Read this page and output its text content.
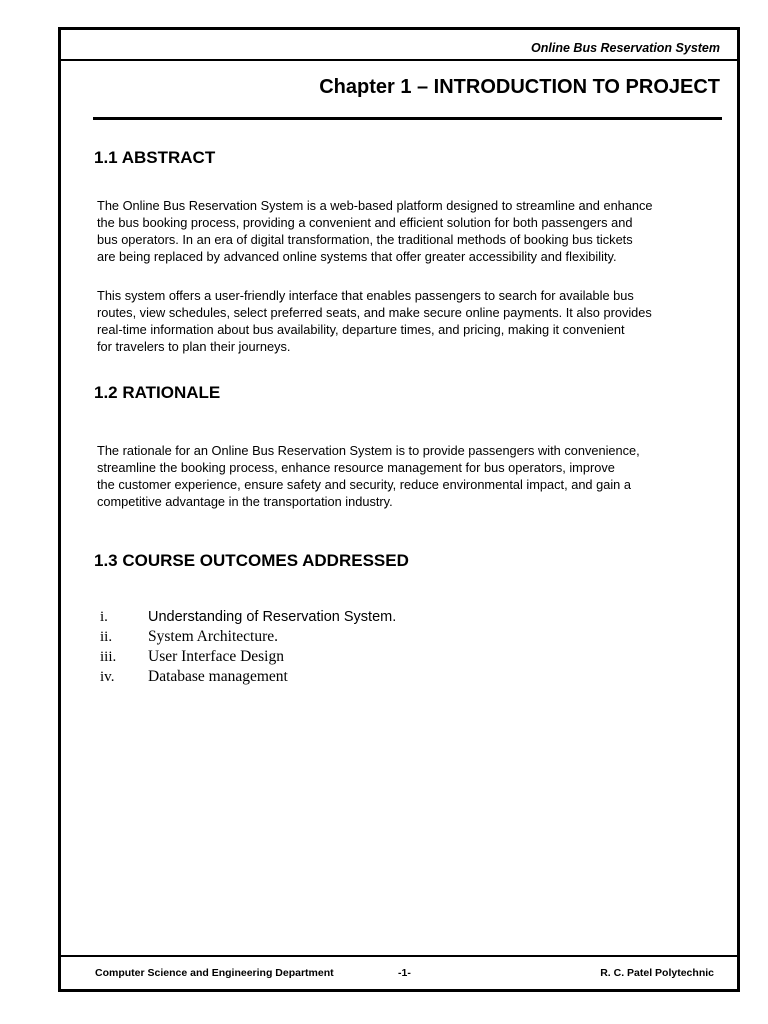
Online Bus Reservation System
Chapter 1 – INTRODUCTION TO PROJECT
1.1 ABSTRACT
The Online Bus Reservation System is a web-based platform designed to streamline and enhance
the bus booking process, providing a convenient and efficient solution for both passengers and
bus operators. In an era of digital transformation, the traditional methods of booking bus tickets
are being replaced by advanced online systems that offer greater accessibility and flexibility.
This system offers a user-friendly interface that enables passengers to search for available bus
routes, view schedules, select preferred seats, and make secure online payments. It also provides
real-time information about bus availability, departure times, and pricing, making it convenient
for travelers to plan their journeys.
1.2 RATIONALE
The rationale for an Online Bus Reservation System is to provide passengers with convenience,
streamline the booking process, enhance resource management for bus operators, improve
the customer experience, ensure safety and security, reduce environmental impact, and gain a
competitive advantage in the transportation industry.
1.3 COURSE OUTCOMES ADDRESSED
i.	Understanding of Reservation System.
ii. System Architecture.
iii. User Interface Design
iv. Database management
Computer Science and Engineering Department	-1-	R. C. Patel Polytechnic
